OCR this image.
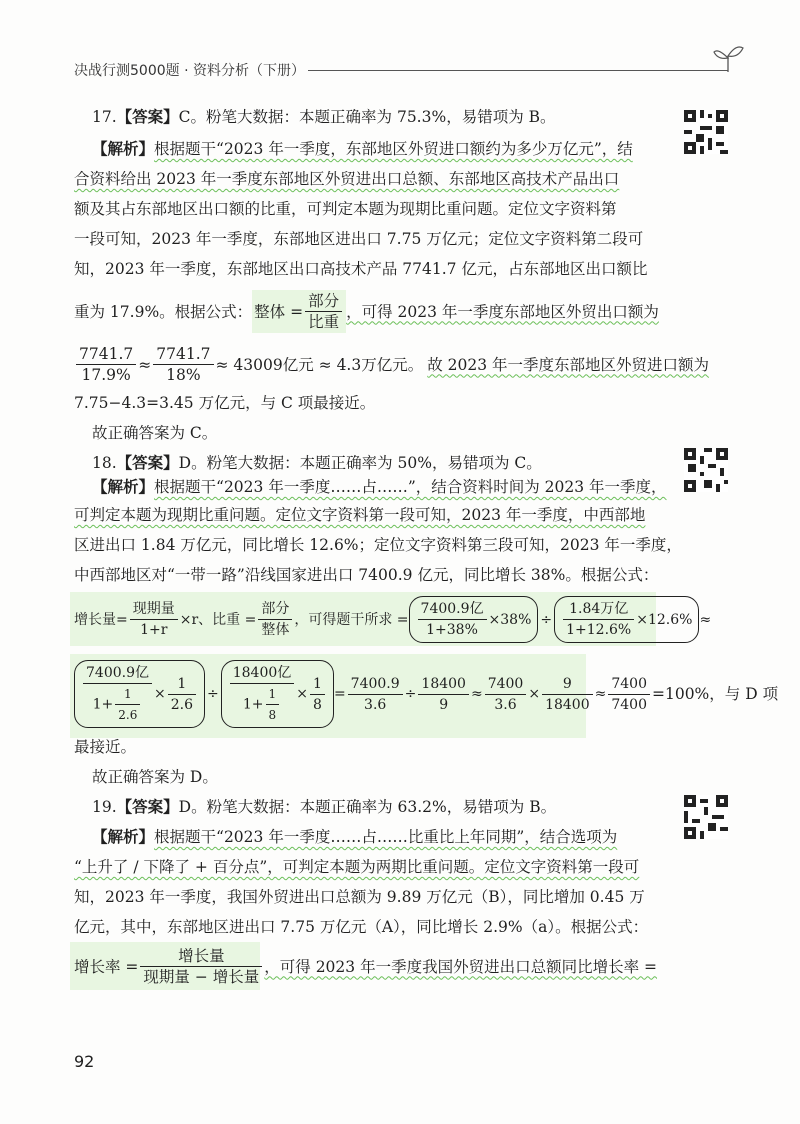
决战行测5000题 · 资料分析（下册）
17.【答案】C。粉笔大数据：本题正确率为 75.3%，易错项为 B。
【解析】根据题干“2023 年一季度，东部地区外贸进口额约为多少万亿元”，结
合资料给出 2023 年一季度东部地区外贸进出口总额、东部地区高技术产品出口
额及其占东部地区出口额的比重，可判定本题为现期比重问题。定位文字资料第
一段可知，2023 年一季度，东部地区进出口 7.75 万亿元；定位文字资料第二段可
知，2023 年一季度，东部地区出口高技术产品 7741.7 亿元，占东部地区出口额比
重为 17.9%。根据公式： 整体 = $\frac{\text{部分}}{\text{比重}}$ ，可得 2023 年一季度东部地区外贸出口额为
$\frac{7741.7}{17.9\%} \approx \frac{7741.7}{18\%} \approx 43009$亿元 ≈ 4.3万亿元。 故 2023 年一季度东部地区外贸进口额为
7.75−4.3=3.45 万亿元，与 C 项最接近。
故正确答案为 C。
18.【答案】D。粉笔大数据：本题正确率为 50%，易错项为 C。
【解析】根据题干“2023 年一季度……占……”，结合资料时间为 2023 年一季度，
可判定本题为现期比重问题。定位文字资料第一段可知，2023 年一季度，中西部地
区进出口 1.84 万亿元，同比增长 12.6%；定位文字资料第三段可知，2023 年一季度，
中西部地区对“一带一路”沿线国家进出口 7400.9 亿元，同比增长 38%。根据公式：
增长量= $\frac{\text{现期量}}{1+r} \times r$、比重 = $\frac{\text{部分}}{\text{整体}}$ ，可得题干所求 = $\frac{\text{7400.9亿}}{1+38\%} \times 38\% \div \frac{\text{1.84万亿}}{1+12.6\%} \times 12.6\%$ ≈
$\frac{\text{7400.9亿}}{1+ \frac{1}{2.6}} \times \frac{1}{2.6} \div \frac{\text{18400亿}}{1+ \frac{1}{8}} \times \frac{1}{8} = \frac{7400.9}{3.6} \div \frac{18400}{9} \approx \frac{7400}{3.6} \times \frac{9}{18400} \approx \frac{7400}{7400} =100\%$，与 D 项
最接近。
故正确答案为 D。
19.【答案】D。粉笔大数据：本题正确率为 63.2%，易错项为 B。
【解析】根据题干“2023 年一季度……占……比重比上年同期”，结合选项为
“上升了 / 下降了 + 百分点”，可判定本题为两期比重问题。定位文字资料第一段可
知，2023 年一季度，我国外贸进出口总额为 9.89 万亿元（B），同比增加 0.45 万
亿元，其中，东部地区进出口 7.75 万亿元（A），同比增长 2.9%（a）。根据公式：
增长率 = $\frac{\text{增长量}}{\text{现期量 − 增长量}}$ ，可得 2023 年一季度我国外贸进出口总额同比增长率 =
92
